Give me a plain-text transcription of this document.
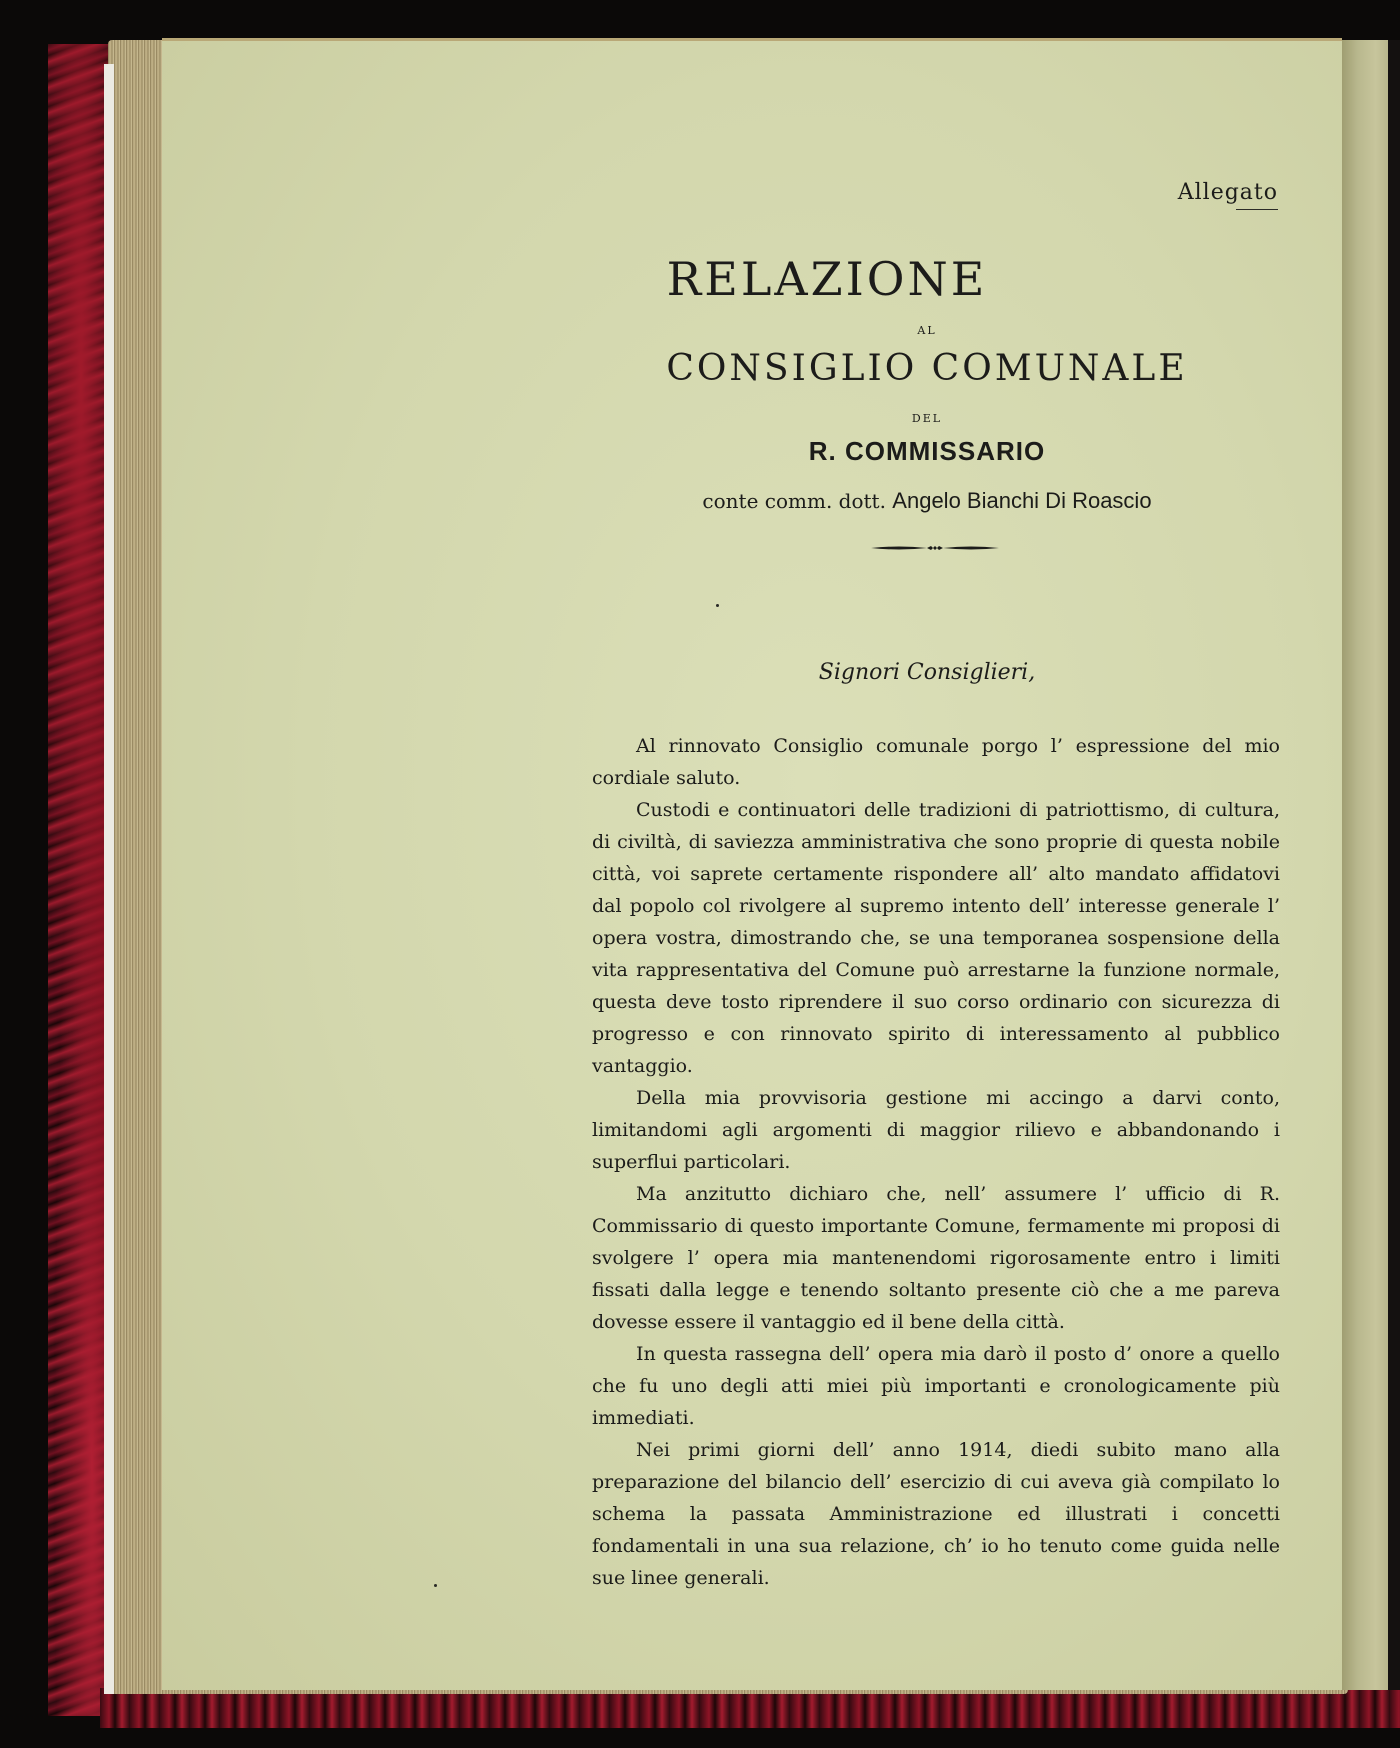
Allegato
RELAZIONE
AL
CONSIGLIO COMUNALE
DEL
R. COMMISSARIO
conte comm. dott. Angelo Bianchi Di Roascio
Signori Consiglieri,

Al rinnovato Consiglio comunale porgo l’ espressione del mio cordiale saluto.

Custodi e continuatori delle tradizioni di patriottismo, di cultura, di civiltà, di saviezza amministrativa che sono proprie di questa nobile città, voi saprete certamente rispondere all’ alto mandato affidatovi dal popolo col rivolgere al supremo intento dell’ interesse generale l’ opera vostra, dimostrando che, se una temporanea sospensione della vita rappresentativa del Comune può arrestarne la funzione normale, questa deve tosto riprendere il suo corso ordinario con sicurezza di progresso e con rinnovato spirito di interessamento al pubblico vantaggio.

Della mia provvisoria gestione mi accingo a darvi conto, limitandomi agli argomenti di maggior rilievo e abbandonando i superflui particolari.

Ma anzitutto dichiaro che, nell’ assumere l’ ufficio di R. Commissario di questo importante Comune, fermamente mi proposi di svolgere l’ opera mia mantenendomi rigorosamente entro i limiti fissati dalla legge e tenendo soltanto presente ciò che a me pareva dovesse essere il vantaggio ed il bene della città.

In questa rassegna dell’ opera mia darò il posto d’ onore a quello che fu uno degli atti miei più importanti e cronologicamente più immediati.

Nei primi giorni dell’ anno 1914, diedi subito mano alla preparazione del bilancio dell’ esercizio di cui aveva già compilato lo schema la passata Amministrazione ed illustrati i concetti fondamentali in una sua relazione, ch’ io ho tenuto come guida nelle sue linee generali.
